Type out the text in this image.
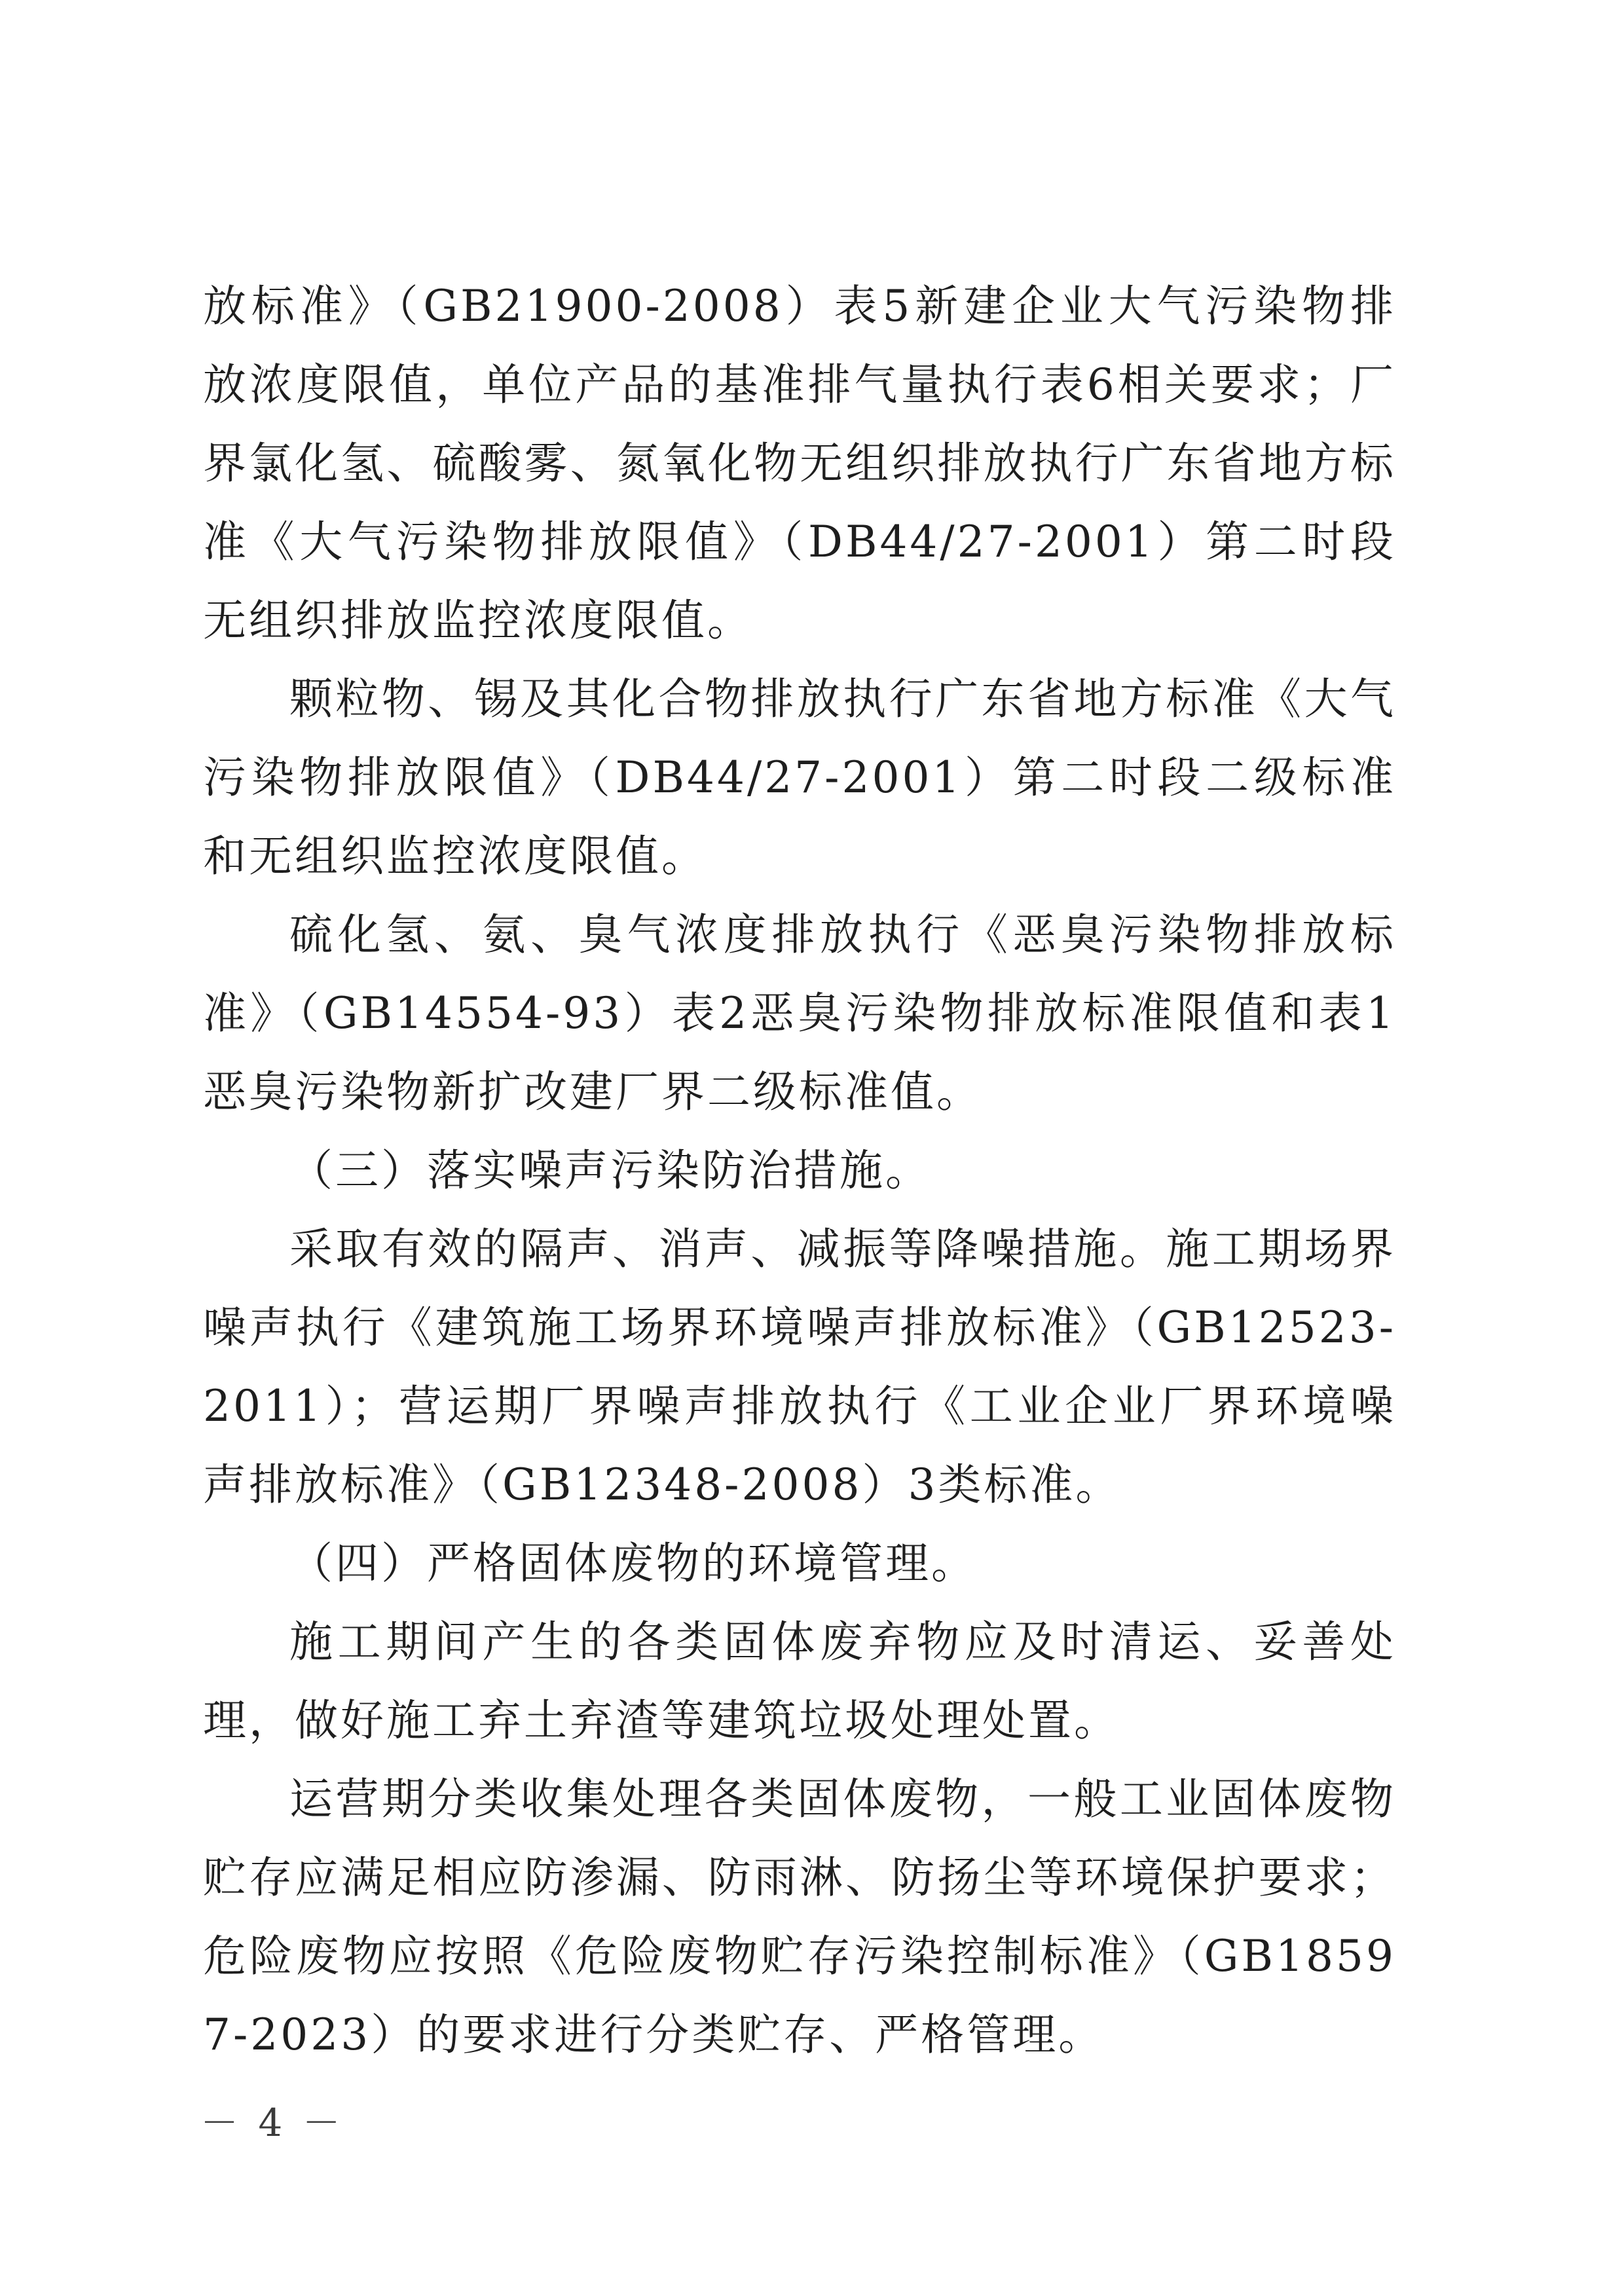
放标准》（GB21900-2008）表5新建企业大气污染物排放浓度限值，单位产品的基准排气量执行表6相关要求；厂界氯化氢、硫酸雾、氮氧化物无组织排放执行广东省地方标准《大气污染物排放限值》（DB44/27-2001）第二时段无组织排放监控浓度限值。

颗粒物、锡及其化合物排放执行广东省地方标准《大气污染物排放限值》（DB44/27-2001）第二时段二级标准和无组织监控浓度限值。

硫化氢、氨、臭气浓度排放执行《恶臭污染物排放标准》（GB14554-93）表2恶臭污染物排放标准限值和表1恶臭污染物新扩改建厂界二级标准值。

（三）落实噪声污染防治措施。

采取有效的隔声、消声、减振等降噪措施。施工期场界噪声执行《建筑施工场界环境噪声排放标准》（GB12523-2011）；营运期厂界噪声排放执行《工业企业厂界环境噪声排放标准》（GB12348-2008）3类标准。

（四）严格固体废物的环境管理。

施工期间产生的各类固体废弃物应及时清运、妥善处理，做好施工弃土弃渣等建筑垃圾处理处置。

运营期分类收集处理各类固体废物，一般工业固体废物贮存应满足相应防渗漏、防雨淋、防扬尘等环境保护要求；危险废物应按照《危险废物贮存污染控制标准》（GB18597-2023）的要求进行分类贮存、严格管理。

－ 4 －
